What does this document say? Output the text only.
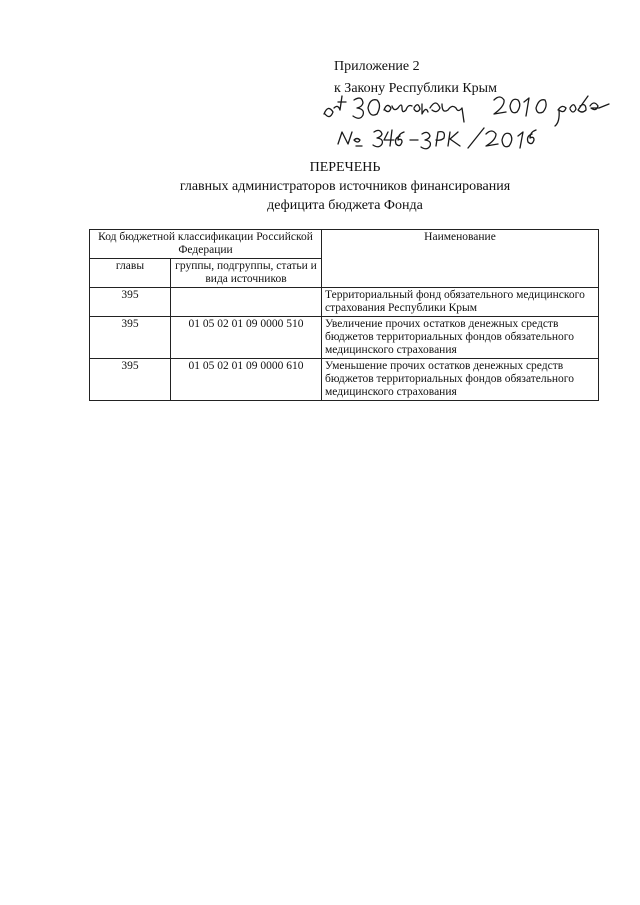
Приложение 2
к Закону Республики Крым
ПЕРЕЧЕНЬ
главных администраторов источников финансирования
дефицита бюджета Фонда
Код бюджетной классификации Российской Федерации		Наименование
главы	группы, подгруппы, статьи и вида источников	
395		Территориальный фонд обязательного медицинского страхования Республики Крым
395	01 05 02 01 09 0000 510	Увеличение прочих остатков денежных средств бюджетов территориальных фондов обязательного медицинского страхования
395	01 05 02 01 09 0000 610	Уменьшение прочих остатков денежных средств бюджетов территориальных фондов обязательного медицинского страхования
